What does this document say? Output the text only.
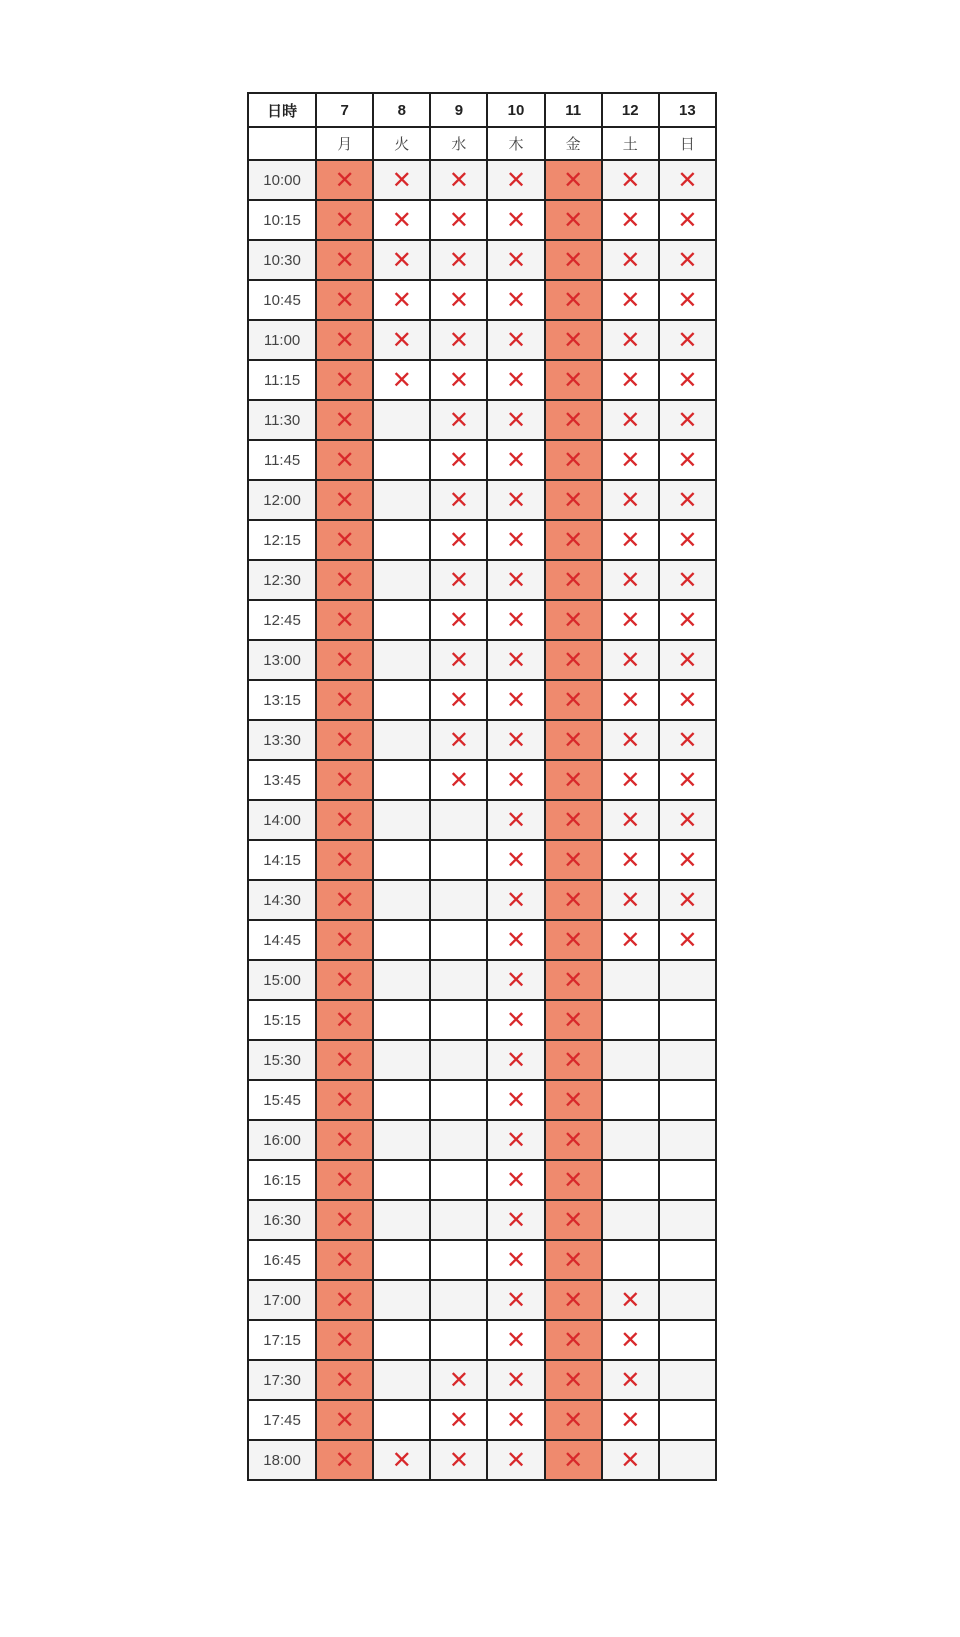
日時	7	8	9	10	11	12	13
	月	火	水	木	金	土	日
10:00	✕	✕	✕	✕	✕	✕	✕
10:15	✕	✕	✕	✕	✕	✕	✕
10:30	✕	✕	✕	✕	✕	✕	✕
10:45	✕	✕	✕	✕	✕	✕	✕
11:00	✕	✕	✕	✕	✕	✕	✕
11:15	✕	✕	✕	✕	✕	✕	✕
11:30	✕		✕	✕	✕	✕	✕
11:45	✕		✕	✕	✕	✕	✕
12:00	✕		✕	✕	✕	✕	✕
12:15	✕		✕	✕	✕	✕	✕
12:30	✕		✕	✕	✕	✕	✕
12:45	✕		✕	✕	✕	✕	✕
13:00	✕		✕	✕	✕	✕	✕
13:15	✕		✕	✕	✕	✕	✕
13:30	✕		✕	✕	✕	✕	✕
13:45	✕		✕	✕	✕	✕	✕
14:00	✕			✕	✕	✕	✕
14:15	✕			✕	✕	✕	✕
14:30	✕			✕	✕	✕	✕
14:45	✕			✕	✕	✕	✕
15:00	✕			✕	✕		
15:15	✕			✕	✕		
15:30	✕			✕	✕		
15:45	✕			✕	✕		
16:00	✕			✕	✕		
16:15	✕			✕	✕		
16:30	✕			✕	✕		
16:45	✕			✕	✕		
17:00	✕			✕	✕	✕	
17:15	✕			✕	✕	✕	
17:30	✕		✕	✕	✕	✕	
17:45	✕		✕	✕	✕	✕	
18:00	✕	✕	✕	✕	✕	✕	
